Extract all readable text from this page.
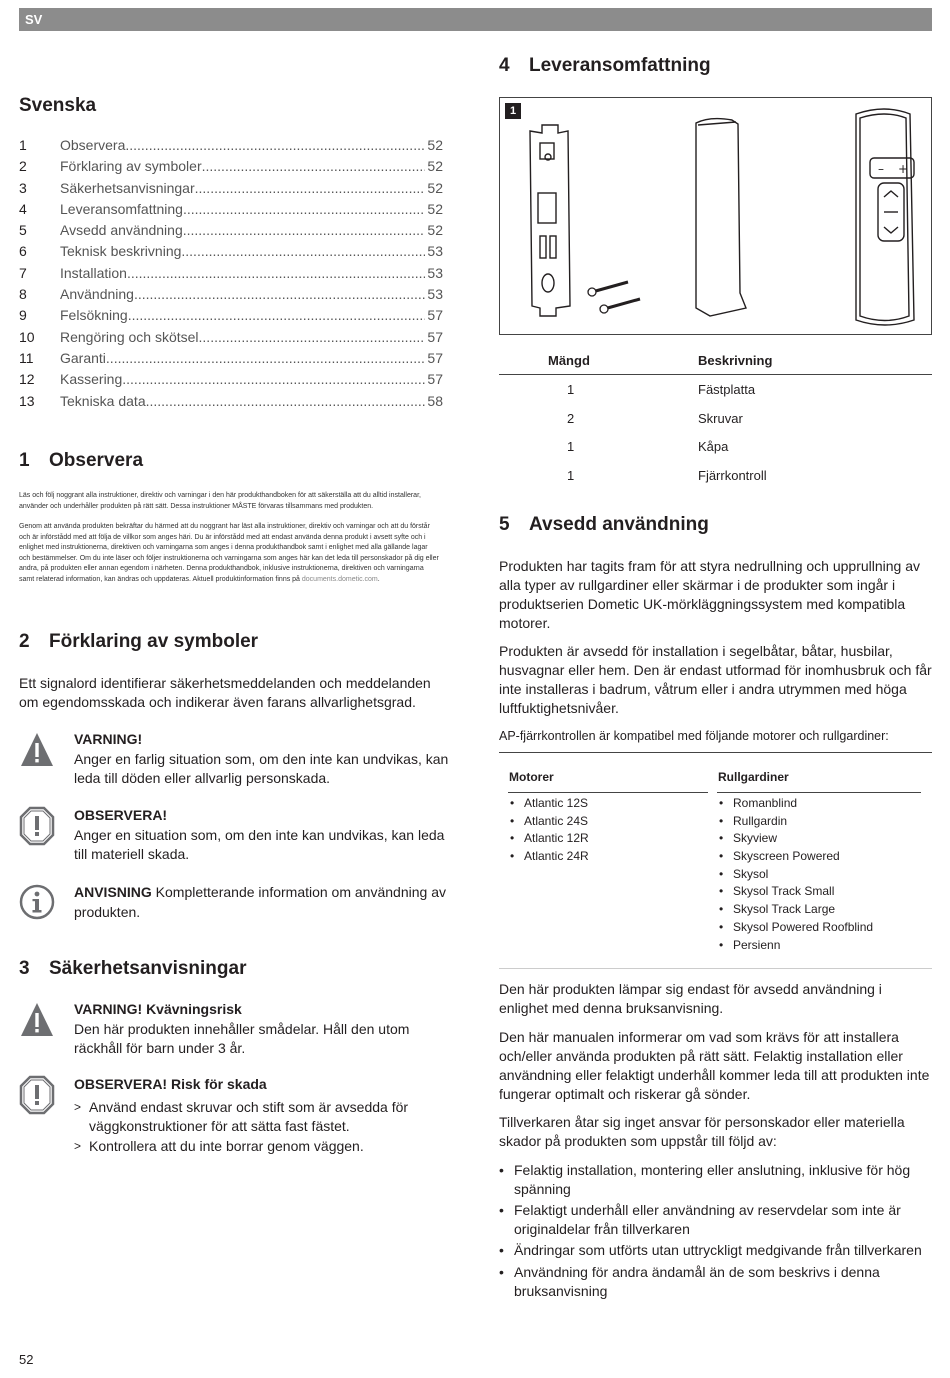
SV
Svenska
1	Observera .....	52
2	Förklaring av symboler .....	52
3	Säkerhetsanvisningar .....	52
4	Leveransomfattning .....	52
5	Avsedd användning .....	52
6	Teknisk beskrivning .....	53
7	Installation .....	53
8	Användning .....	53
9	Felsökning .....	57
10	Rengöring och skötsel .....	57
11	Garanti .....	57
12	Kassering .....	57
13	Tekniska data .....	58
1 Observera

Läs och följ noggrant alla instruktioner, direktiv och varningar i den här produkthandboken för att säkerställa att du alltid installerar, använder och underhåller produkten på rätt sätt. Dessa instruktioner MÅSTE förvaras tillsammans med produkten.

Genom att använda produkten bekräftar du härmed att du noggrant har läst alla instruktioner, direktiv och varningar och att du förstår och är införstådd med att följa de villkor som anges häri. Du är införstådd med att endast använda denna produkt i avsett syfte och i enlighet med instruktionerna, direktiven och varningarna som anges i denna produkthandbok samt i enlighet med alla gällande lagar och bestämmelser. Om du inte läser och följer instruktionerna och varningarna som anges här kan det leda till personskador på dig eller andra, på produkten eller annan egendom i närheten. Denna produkthandbok, inklusive instruktionerna, direktiven och varningarna samt relaterad information, kan ändras och uppdateras. Aktuell produktinformation finns på documents.dometic.com.

2 Förklaring av symboler

Ett signalord identifierar säkerhetsmeddelanden och meddelanden om egendomsskada och indikerar även farans allvarlighetsgrad.

VARNING!
Anger en farlig situation som, om den inte kan undvikas, kan leda till döden eller allvarlig personskada.
OBSERVERA!
Anger en situation som, om den inte kan undvikas, kan leda till materiell skada.
ANVISNING Kompletterande information om användning av produkten.
3 Säkerhetsanvisningar
VARNING! Kvävningsrisk
Den här produkten innehåller smådelar. Håll den utom räckhåll för barn under 3 år.
OBSERVERA! Risk för skada
> Använd endast skruvar och stift som är avsedda för väggkonstruktioner för att sätta fast fästet.
> Kontrollera att du inte borrar genom väggen.
4 Leveransomfattning
1
– +
Mängd	Beskrivning
1	Fästplatta
2	Skruvar
1	Kåpa
1	Fjärrkontroll
5 Avsedd användning

Produkten har tagits fram för att styra nedrullning och upprullning av alla typer av rullgardiner eller skärmar i de produkter som ingår i produktserien Dometic UK-mörkläggningssystem med kompatibla motorer.

Produkten är avsedd för installation i segelbåtar, båtar, husbilar, husvagnar eller hem. Den är endast utformad för inomhusbruk och får inte installeras i badrum, våtrum eller i andra utrymmen med höga luftfuktighetsnivåer.

AP-fjärrkontrollen är kompatibel med följande motorer och rullgardiner:

Motorer	Rullgardiner
• Atlantic 12S
• Atlantic 24S
• Atlantic 12R
• Atlantic 24R
• Romanblind
• Rullgardin
• Skyview
• Skyscreen Powered
• Skysol
• Skysol Track Small
• Skysol Track Large
• Skysol Powered Roofblind
• Persienn

Den här produkten lämpar sig endast för avsedd användning i enlighet med denna bruksanvisning.

Den här manualen informerar om vad som krävs för att installera och/eller använda produkten på rätt sätt. Felaktig installation eller användning eller felaktigt underhåll kommer leda till att produkten inte fungerar optimalt och riskerar gå sönder.

Tillverkaren åtar sig inget ansvar för personskador eller materiella skador på produkten som uppstår till följd av:

• Felaktig installation, montering eller anslutning, inklusive för hög spänning
• Felaktigt underhåll eller användning av reservdelar som inte är originaldelar från tillverkaren
• Ändringar som utförts utan uttryckligt medgivande från tillverkaren
• Användning för andra ändamål än de som beskrivs i denna bruksanvisning
52
